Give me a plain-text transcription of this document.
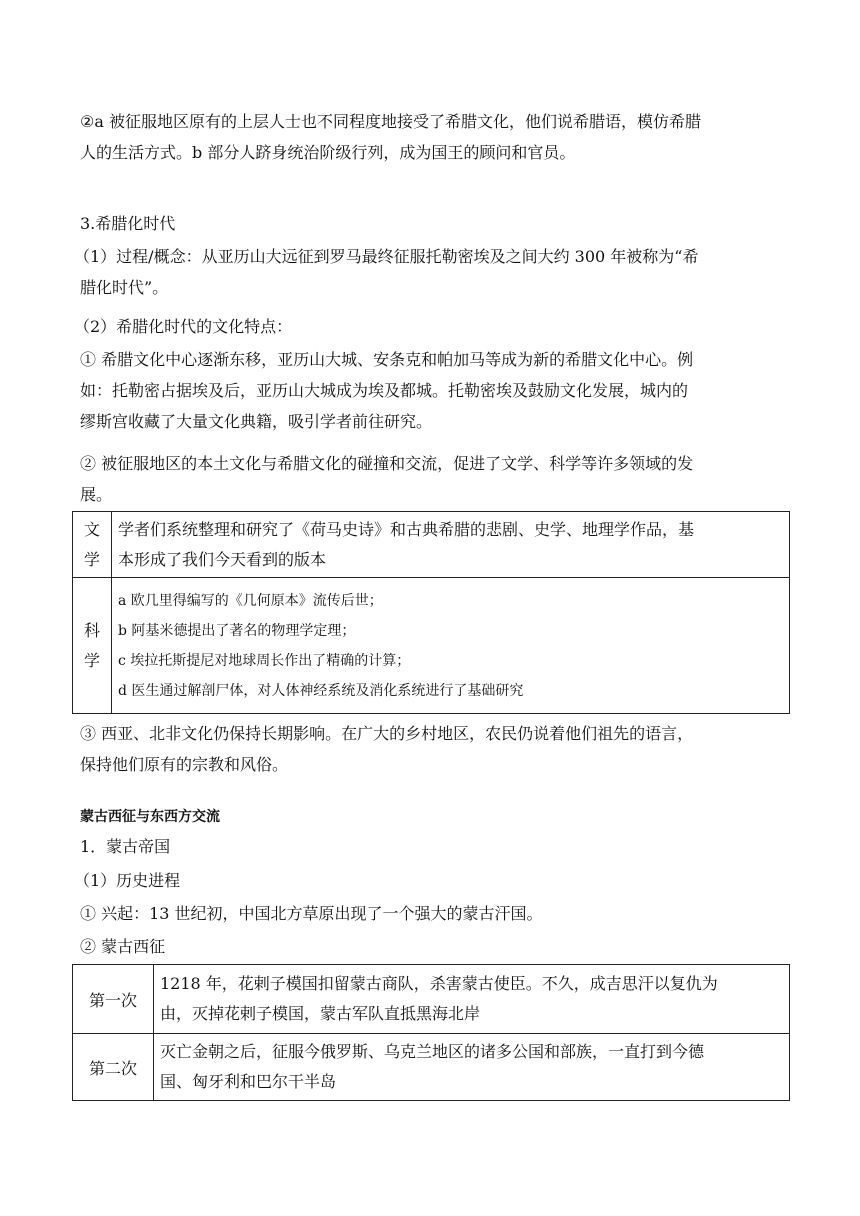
②a 被征服地区原有的上层人士也不同程度地接受了希腊文化，他们说希腊语，模仿希腊
人的生活方式。b 部分人跻身统治阶级行列，成为国王的顾问和官员。
3.希腊化时代
（1）过程/概念：从亚历山大远征到罗马最终征服托勒密埃及之间大约 300 年被称为“希
腊化时代”。
（2）希腊化时代的文化特点：
① 希腊文化中心逐渐东移，亚历山大城、安条克和帕加马等成为新的希腊文化中心。例
如：托勒密占据埃及后，亚历山大城成为埃及都城。托勒密埃及鼓励文化发展，城内的
缪斯宫收藏了大量文化典籍，吸引学者前往研究。
② 被征服地区的本土文化与希腊文化的碰撞和交流，促进了文学、科学等许多领域的发
展。
文
学	学者们系统整理和研究了《荷马史诗》和古典希腊的悲剧、史学、地理学作品，基
本形成了我们今天看到的版本

科
学	a 欧几里得编写的《几何原本》流传后世；
b 阿基米德提出了著名的物理学定理；
c 埃拉托斯提尼对地球周长作出了精确的计算；
d 医生通过解剖尸体，对人体神经系统及消化系统进行了基础研究
③ 西亚、北非文化仍保持长期影响。在广大的乡村地区，农民仍说着他们祖先的语言，
保持他们原有的宗教和风俗。
蒙古西征与东西方交流
1．蒙古帝国
（1）历史进程
① 兴起：13 世纪初，中国北方草原出现了一个强大的蒙古汗国。
② 蒙古西征
第一次	1218 年，花剌子模国扣留蒙古商队，杀害蒙古使臣。不久，成吉思汗以复仇为
由，灭掉花剌子模国，蒙古军队直抵黑海北岸

第二次	灭亡金朝之后，征服今俄罗斯、乌克兰地区的诸多公国和部族，一直打到今德
国、匈牙利和巴尔干半岛
